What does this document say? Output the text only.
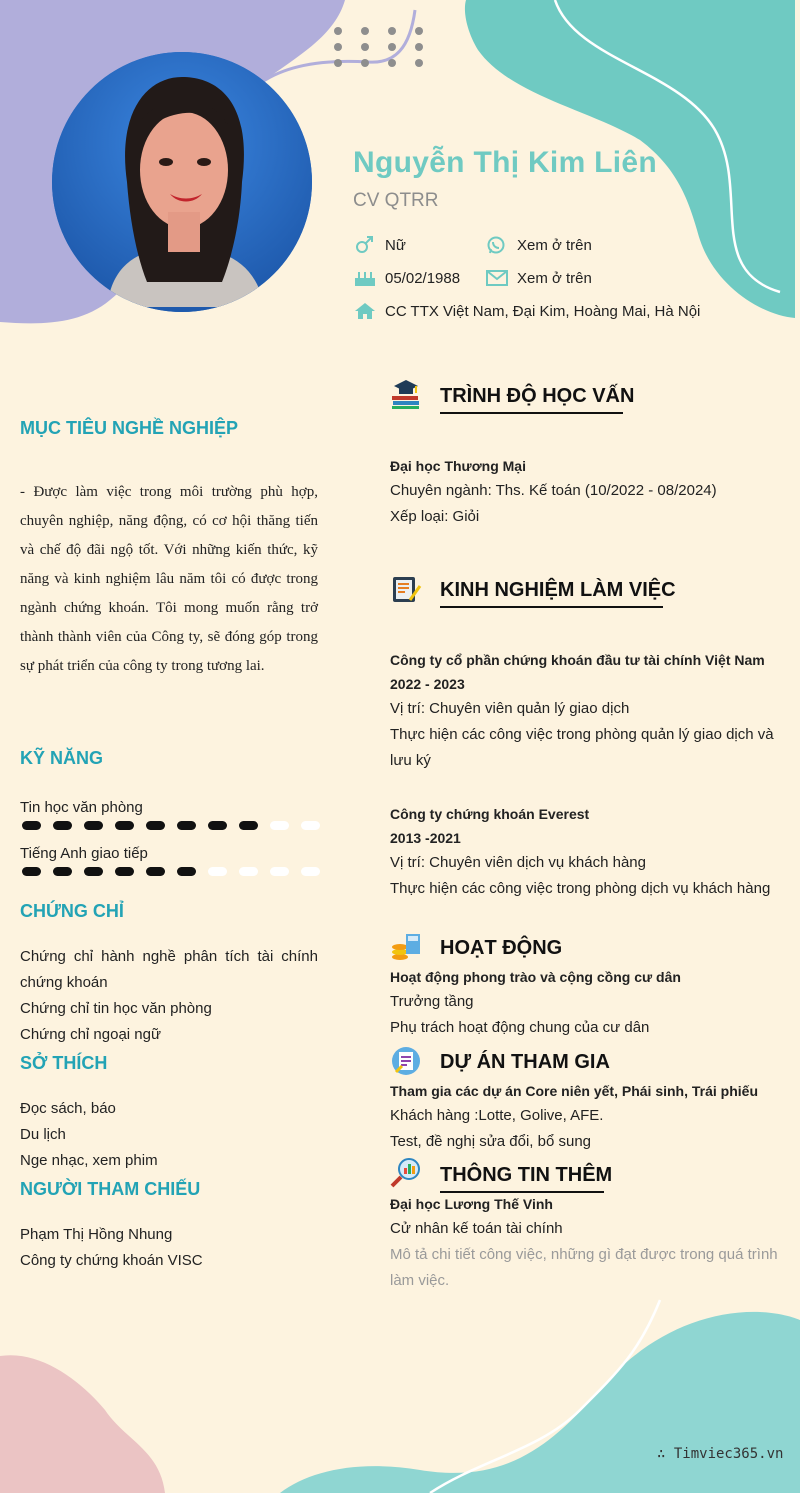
Nguyễn Thị Kim Liên
CV QTRR
Nữ	Xem ở trên
05/02/1988	Xem ở trên
CC TTX Việt Nam, Đại Kim, Hoàng Mai, Hà Nội
MỤC TIÊU NGHỀ NGHIỆP
- Được làm việc trong môi trường phù hợp, chuyên nghiệp, năng động, có cơ hội thăng tiến và chế độ đãi ngộ tốt. Với những kiến thức, kỹ năng và kinh nghiệm lâu năm tôi có được trong ngành chứng khoán. Tôi mong muốn rằng trở thành thành viên của Công ty, sẽ đóng góp trong sự phát triển của công ty trong tương lai.
KỸ NĂNG
Tin học văn phòng
Tiếng Anh giao tiếp
CHỨNG CHỈ
Chứng chỉ hành nghề phân tích tài chính chứng khoán
Chứng chỉ tin học văn phòng
Chứng chỉ ngoại ngữ
SỞ THÍCH
Đọc sách, báo
Du lịch
Nge nhạc, xem phim
NGƯỜI THAM CHIẾU
Phạm Thị Hồng Nhung
Công ty chứng khoán VISC
TRÌNH ĐỘ HỌC VẤN
Đại học Thương Mại
Chuyên ngành: Ths. Kế toán (10/2022 - 08/2024)
Xếp loại: Giỏi
KINH NGHIỆM LÀM VIỆC
Công ty cổ phần chứng khoán đầu tư tài chính Việt Nam
2022 - 2023
Vị trí: Chuyên viên quản lý giao dịch
Thực hiện các công việc trong phòng quản lý giao dịch và lưu ký
Công ty chứng khoán Everest
2013 -2021
Vị trí: Chuyên viên dịch vụ khách hàng
Thực hiện các công việc trong phòng dịch vụ khách hàng
HOẠT ĐỘNG
Hoạt động phong trào và cộng cồng cư dân
Trưởng tầng
Phụ trách hoạt động chung của cư dân
DỰ ÁN THAM GIA
Tham gia các dự án Core niên yết, Phái sinh, Trái phiếu
Khách hàng :Lotte, Golive, AFE.
Test, đề nghị sửa đổi, bổ sung
THÔNG TIN THÊM
Đại học Lương Thế Vinh
Cử nhân kế toán tài chính
Mô tả chi tiết công việc, những gì đạt được trong quá trình làm việc.
∴ Timviec365.vn
